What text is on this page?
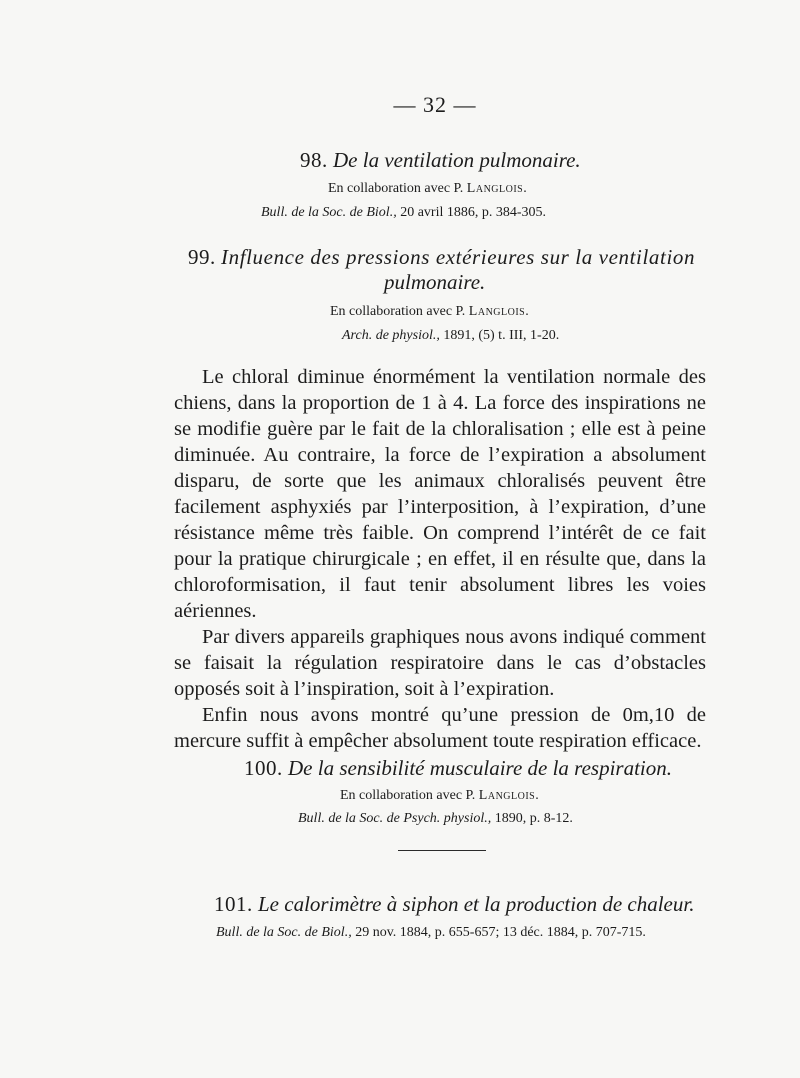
— 32 —
98. De la ventilation pulmonaire.
En collaboration avec P. Langlois.
Bull. de la Soc. de Biol., 20 avril 1886, p. 384-305.
99. Influence des pressions extérieures sur la ventilation
pulmonaire.
En collaboration avec P. Langlois.
Arch. de physiol., 1891, (5) t. III, 1-20.

Le chloral diminue énormément la ventilation normale des chiens, dans la proportion de 1 à 4. La force des inspirations ne se modifie guère par le fait de la chloralisation ; elle est à peine diminuée. Au contraire, la force de l’expiration a absolument disparu, de sorte que les animaux chloralisés peuvent être facilement asphyxiés par l’interposition, à l’expiration, d’une résistance même très faible. On comprend l’intérêt de ce fait pour la pratique chirurgicale ; en effet, il en résulte que, dans la chloroformisation, il faut tenir absolument libres les voies aériennes.

Par divers appareils graphiques nous avons indiqué comment se faisait la régulation respiratoire dans le cas d’obstacles opposés soit à l’inspiration, soit à l’expiration.

Enfin nous avons montré qu’une pression de 0m,10 de mercure suffit à empêcher absolument toute respiration efficace.

100. De la sensibilité musculaire de la respiration.
En collaboration avec P. Langlois.
Bull. de la Soc. de Psych. physiol., 1890, p. 8-12.
101. Le calorimètre à siphon et la production de chaleur.
Bull. de la Soc. de Biol., 29 nov. 1884, p. 655-657; 13 déc. 1884, p. 707-715.
